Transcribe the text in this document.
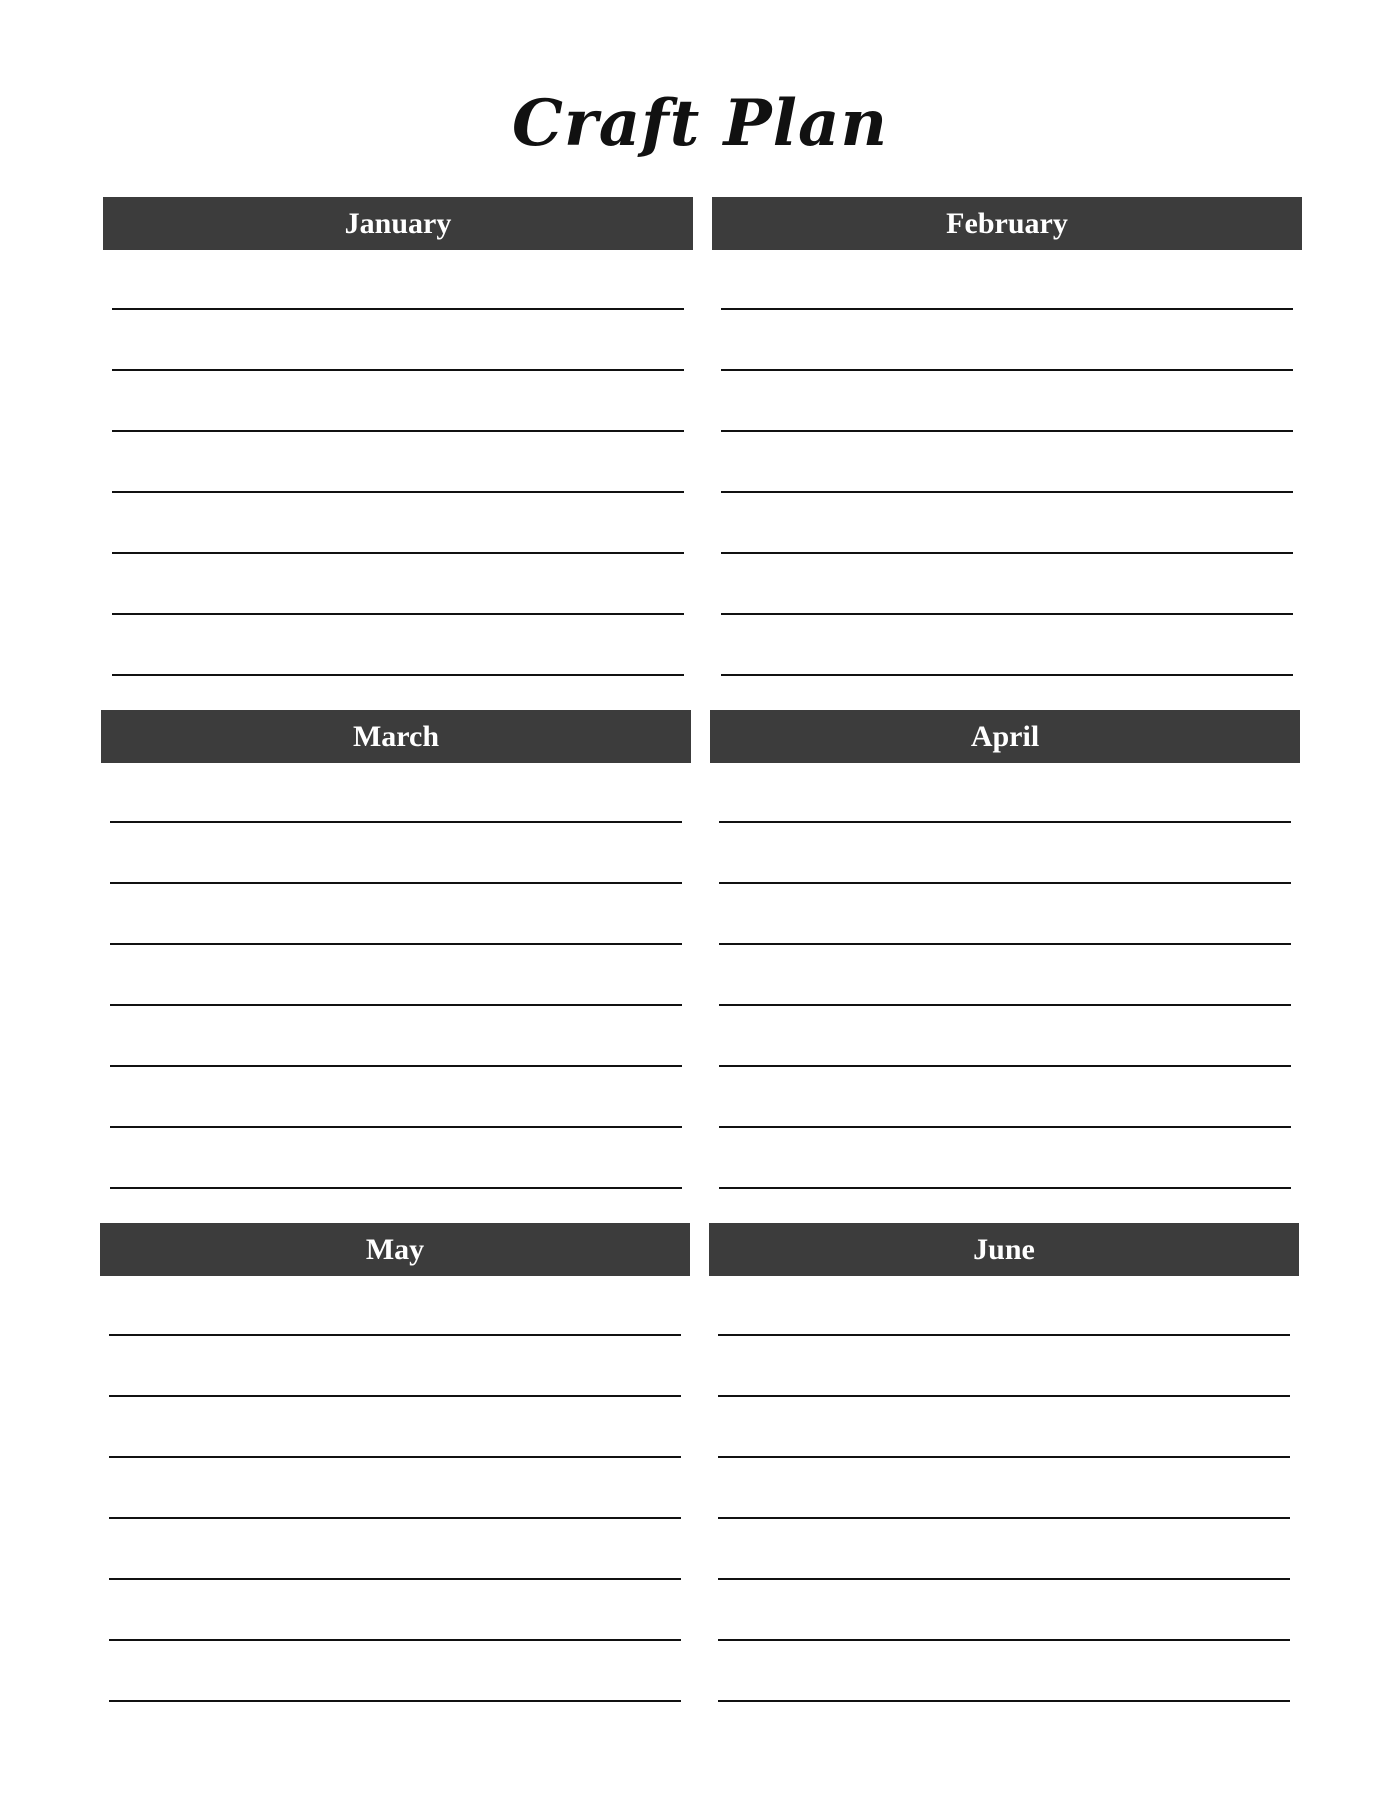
Craft Plan
January	February
March	April
May	June
